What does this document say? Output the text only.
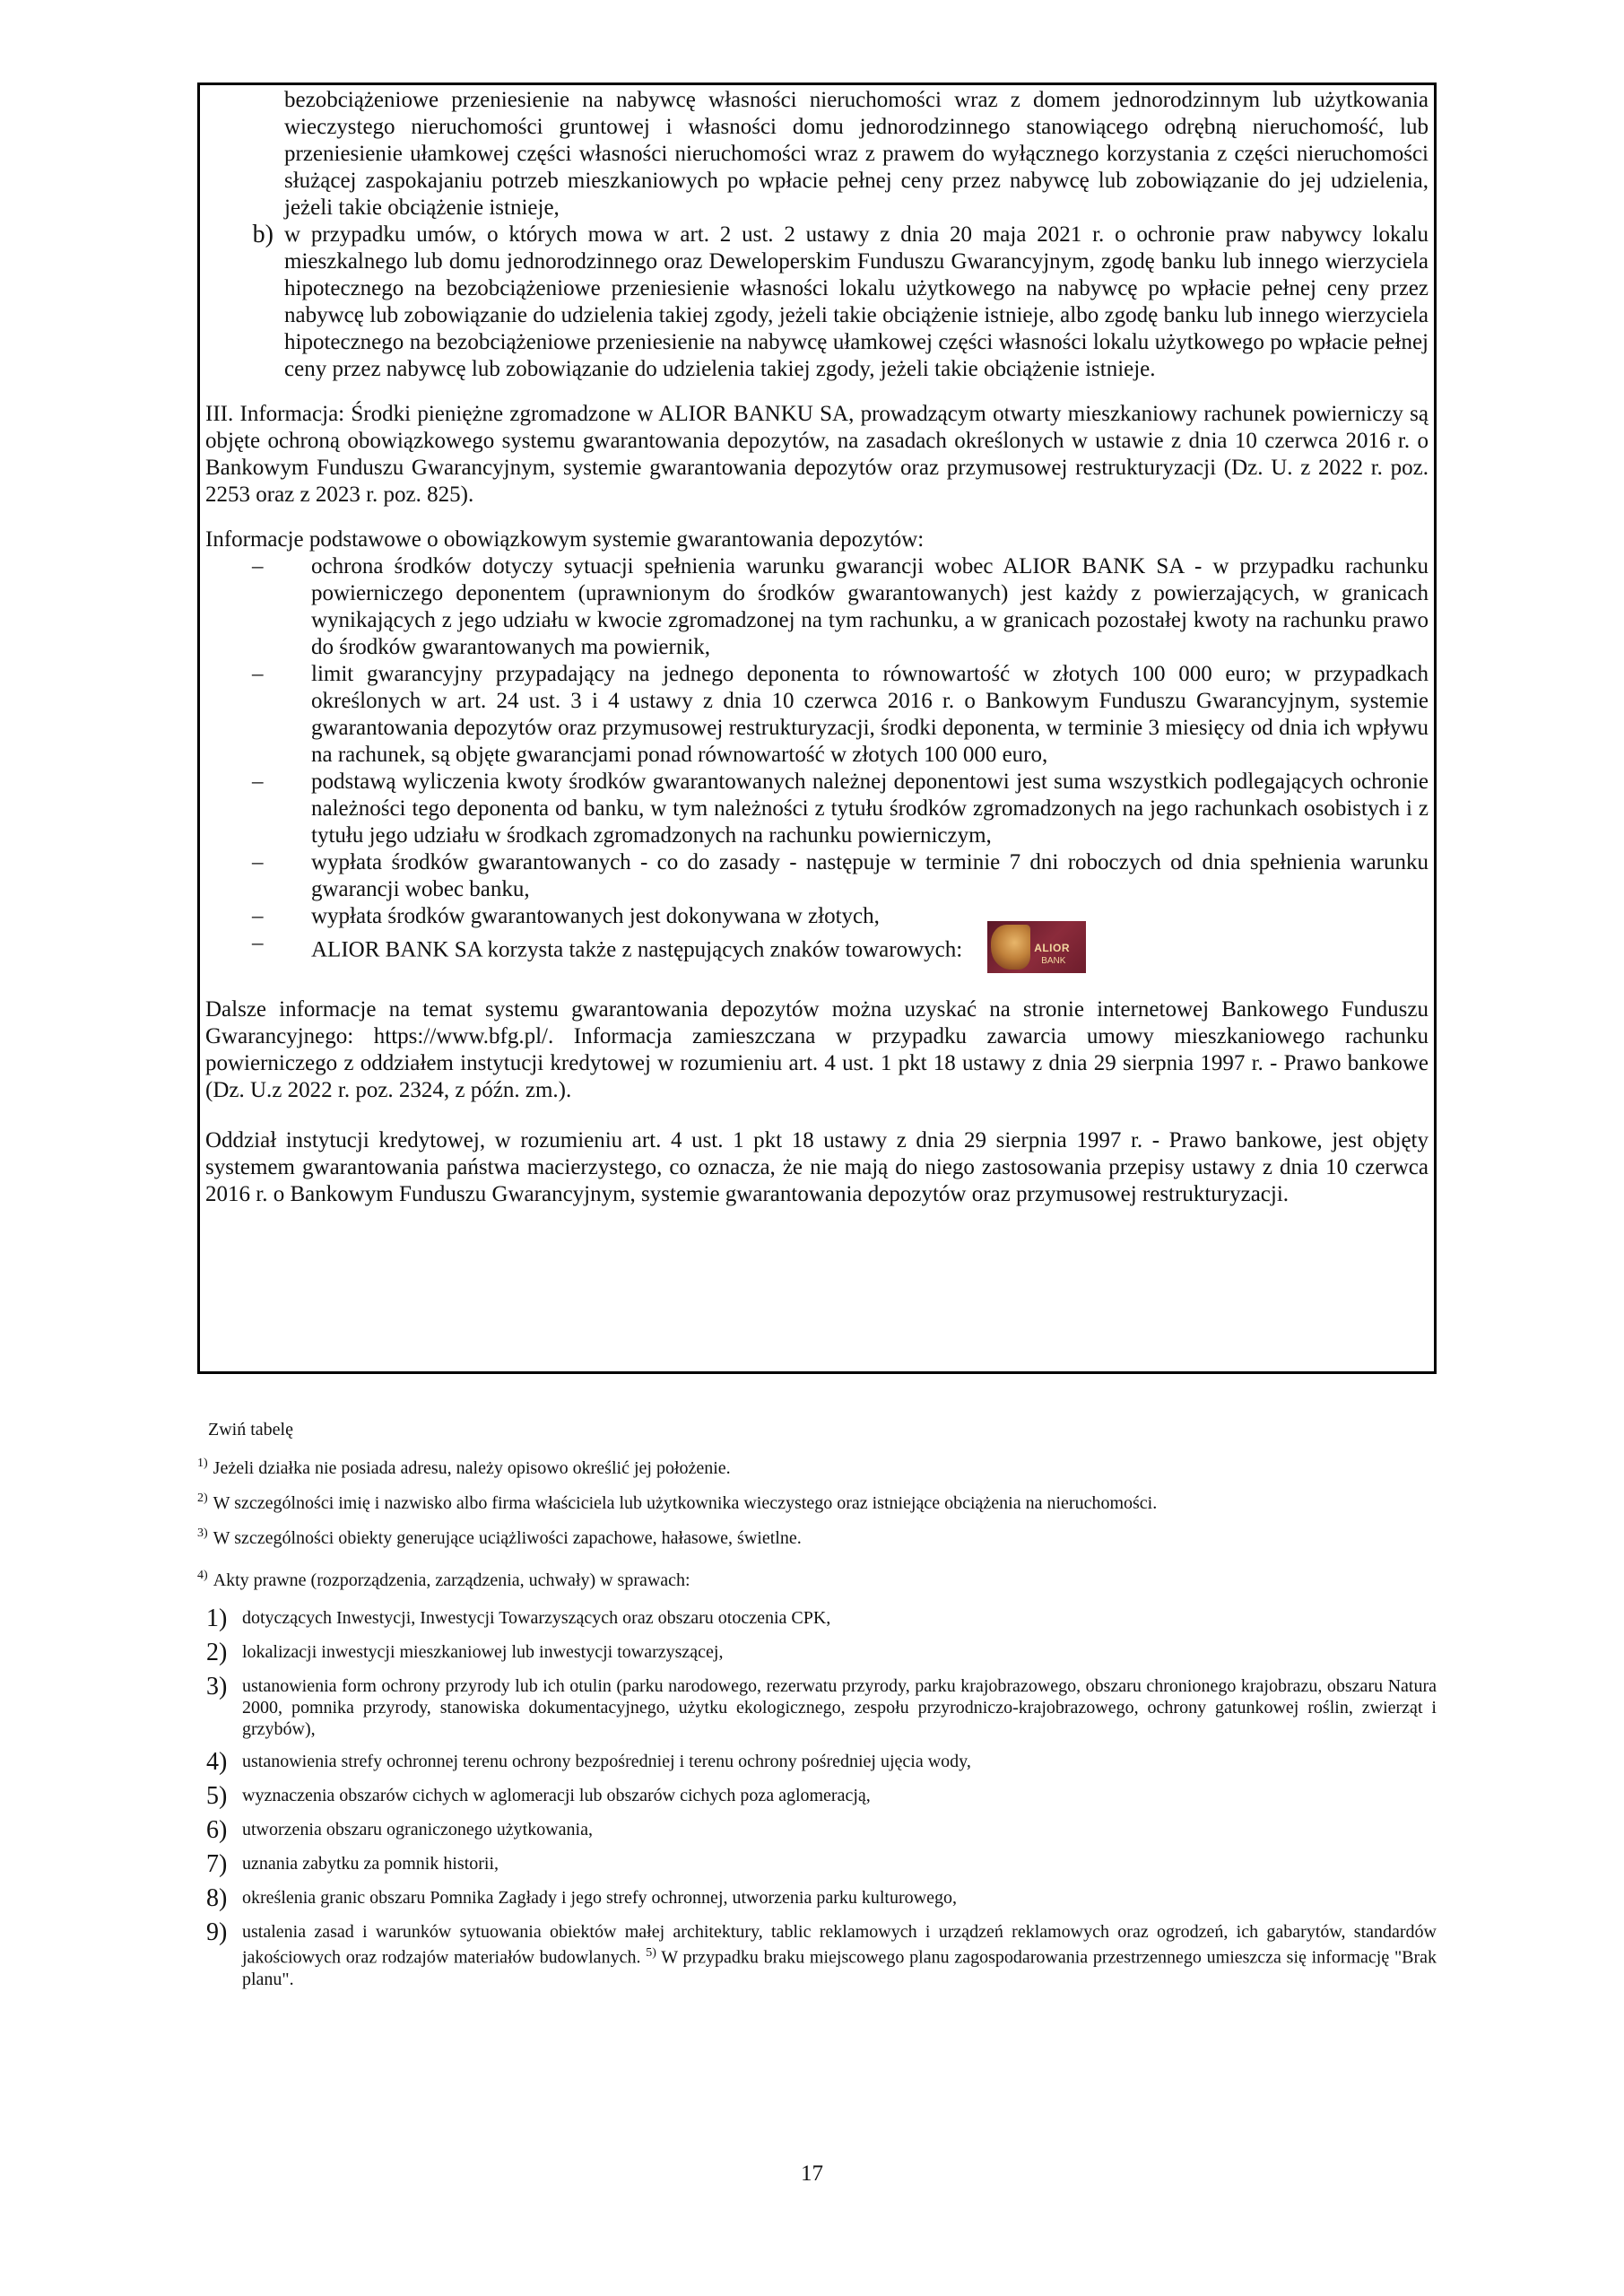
bezobciążeniowe przeniesienie na nabywcę własności nieruchomości wraz z domem jednorodzinnym lub użytkowania wieczystego nieruchomości gruntowej i własności domu jednorodzinnego stanowiącego odrębną nieruchomość, lub przeniesienie ułamkowej części własności nieruchomości wraz z prawem do wyłącznego korzystania z części nieruchomości służącej zaspokajaniu potrzeb mieszkaniowych po wpłacie pełnej ceny przez nabywcę lub zobowiązanie do jej udzielenia, jeżeli takie obciążenie istnieje,

b) w przypadku umów, o których mowa w art. 2 ust. 2 ustawy z dnia 20 maja 2021 r. o ochronie praw nabywcy lokalu mieszkalnego lub domu jednorodzinnego oraz Deweloperskim Funduszu Gwarancyjnym, zgodę banku lub innego wierzyciela hipotecznego na bezobciążeniowe przeniesienie własności lokalu użytkowego na nabywcę po wpłacie pełnej ceny przez nabywcę lub zobowiązanie do udzielenia takiej zgody, jeżeli takie obciążenie istnieje, albo zgodę banku lub innego wierzyciela hipotecznego na bezobciążeniowe przeniesienie na nabywcę ułamkowej części własności lokalu użytkowego po wpłacie pełnej ceny przez nabywcę lub zobowiązanie do udzielenia takiej zgody, jeżeli takie obciążenie istnieje.

III. Informacja: Środki pieniężne zgromadzone w ALIOR BANKU SA, prowadzącym otwarty mieszkaniowy rachunek powierniczy są objęte ochroną obowiązkowego systemu gwarantowania depozytów, na zasadach określonych w ustawie z dnia 10 czerwca 2016 r. o Bankowym Funduszu Gwarancyjnym, systemie gwarantowania depozytów oraz przymusowej restrukturyzacji (Dz. U. z 2022 r. poz. 2253 oraz z 2023 r. poz. 825).

Informacje podstawowe o obowiązkowym systemie gwarantowania depozytów:

–	ochrona środków dotyczy sytuacji spełnienia warunku gwarancji wobec ALIOR BANK SA - w przypadku rachunku powierniczego deponentem (uprawnionym do środków gwarantowanych) jest każdy z powierzających, w granicach wynikających z jego udziału w kwocie zgromadzonej na tym rachunku, a w granicach pozostałej kwoty na rachunku prawo do środków gwarantowanych ma powiernik,
–	limit gwarancyjny przypadający na jednego deponenta to równowartość w złotych 100 000 euro; w przypadkach określonych w art. 24 ust. 3 i 4 ustawy z dnia 10 czerwca 2016 r. o Bankowym Funduszu Gwarancyjnym, systemie gwarantowania depozytów oraz przymusowej restrukturyzacji, środki deponenta, w terminie 3 miesięcy od dnia ich wpływu na rachunek, są objęte gwarancjami ponad równowartość w złotych 100 000 euro,
–	podstawą wyliczenia kwoty środków gwarantowanych należnej deponentowi jest suma wszystkich podlegających ochronie należności tego deponenta od banku, w tym należności z tytułu środków zgromadzonych na jego rachunkach osobistych i z tytułu jego udziału w środkach zgromadzonych na rachunku powierniczym,
–	wypłata środków gwarantowanych - co do zasady - następuje w terminie 7 dni roboczych od dnia spełnienia warunku gwarancji wobec banku,
–	wypłata środków gwarantowanych jest dokonywana w złotych,
–	ALIOR BANK SA korzysta także z następujących znaków towarowych:	ALIOR
BANK

Dalsze informacje na temat systemu gwarantowania depozytów można uzyskać na stronie internetowej Bankowego Funduszu Gwarancyjnego: https://www.bfg.pl/. Informacja zamieszczana w przypadku zawarcia umowy mieszkaniowego rachunku powierniczego z oddziałem instytucji kredytowej w rozumieniu art. 4 ust. 1 pkt 18 ustawy z dnia 29 sierpnia 1997 r. - Prawo bankowe (Dz. U.z 2022 r. poz. 2324, z późn. zm.).

Oddział instytucji kredytowej, w rozumieniu art. 4 ust. 1 pkt 18 ustawy z dnia 29 sierpnia 1997 r. - Prawo bankowe, jest objęty systemem gwarantowania państwa macierzystego, co oznacza, że nie mają do niego zastosowania przepisy ustawy z dnia 10 czerwca 2016 r. o Bankowym Funduszu Gwarancyjnym, systemie gwarantowania depozytów oraz przymusowej restrukturyzacji.

Zwiń tabelę
$^{1)}$ Jeżeli działka nie posiada adresu, należy opisowo określić jej położenie.
$^{2)}$ W szczególności imię i nazwisko albo firma właściciela lub użytkownika wieczystego oraz istniejące obciążenia na nieruchomości.
$^{3)}$ W szczególności obiekty generujące uciążliwości zapachowe, hałasowe, świetlne.
$^{4)}$ Akty prawne (rozporządzenia, zarządzenia, uchwały) w sprawach:
1) dotyczących Inwestycji, Inwestycji Towarzyszących oraz obszaru otoczenia CPK,
2) lokalizacji inwestycji mieszkaniowej lub inwestycji towarzyszącej,
3) ustanowienia form ochrony przyrody lub ich otulin (parku narodowego, rezerwatu przyrody, parku krajobrazowego, obszaru chronionego krajobrazu, obszaru Natura 2000, pomnika przyrody, stanowiska dokumentacyjnego, użytku ekologicznego, zespołu przyrodniczo-krajobrazowego, ochrony gatunkowej roślin, zwierząt i grzybów),
4) ustanowienia strefy ochronnej terenu ochrony bezpośredniej i terenu ochrony pośredniej ujęcia wody,
5) wyznaczenia obszarów cichych w aglomeracji lub obszarów cichych poza aglomeracją,
6) utworzenia obszaru ograniczonego użytkowania,
7) uznania zabytku za pomnik historii,
8) określenia granic obszaru Pomnika Zagłady i jego strefy ochronnej, utworzenia parku kulturowego,
9) ustalenia zasad i warunków sytuowania obiektów małej architektury, tablic reklamowych i urządzeń reklamowych oraz ogrodzeń, ich gabarytów, standardów jakościowych oraz rodzajów materiałów budowlanych. $^{5)}$ W przypadku braku miejscowego planu zagospodarowania przestrzennego umieszcza się informację "Brak planu".
17
